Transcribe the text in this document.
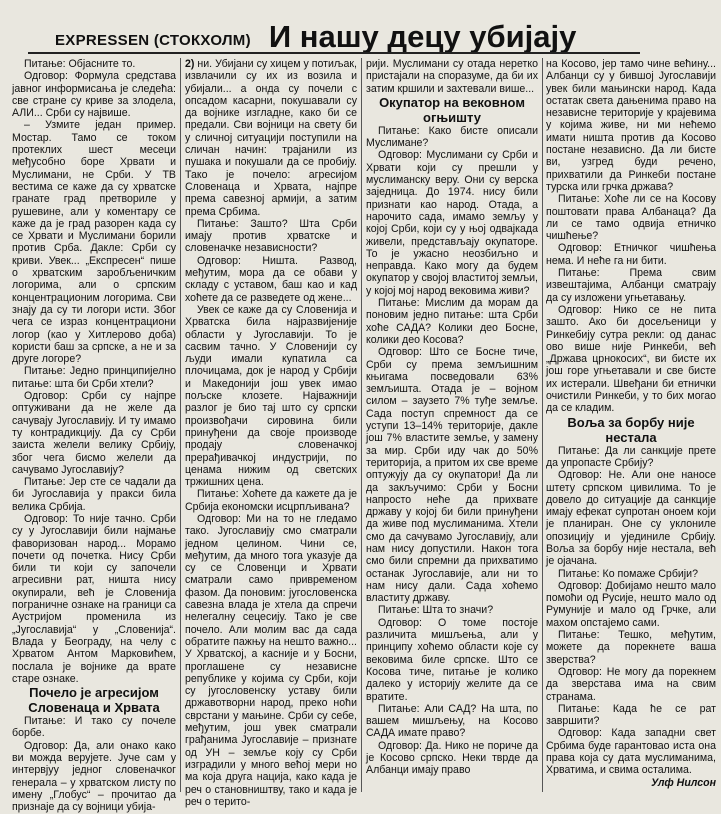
EXPRESSEN (СТОКХОЛМ) И нашу децу убијају

Питање: Објасните то.

Одговор: Формула средстава јавног информисања је следећа: све стране су криве за злодела, АЛИ... Срби су највише.

– Узмите један пример. Мостар. Тамо се током протеклих шест месеци међусобно боре Хрвати и Муслимани, не Срби. У ТВ вестима се каже да су хрватске гранате град претвориле у рушевине, али у коментару се каже да је град разорен када су се Хрвати и Муслимани борили против Срба. Дакле: Срби су криви. Увек... „Експресен“ пише о хрватским заробљеничким логорима, али о српским концентрационим логорима. Сви знају да су ти логори исти. Због чега се израз концентрациони логор (као у Хитлерово доба) користи баш за српске, а не и за друге логоре?

Питање: Једно принципијелно питање: шта би Срби хтели?

Одговор: Срби су најпре оптуживани да не желе да сачувају Југославију. И ту имамо ту контрадикцију. Да су Срби заиста желели велику Србију, због чега бисмо желели да сачувамо Југославију?

Питање: Јер сте се чадали да би Југославија у пракси била велика Србија.

Одговор: То није тачно. Срби су у Југославији били најмање фаворизован народ... Морамо почети од почетка. Нису Срби били ти који су започели агресивни рат, ништа нису окупирали, већ је Словенија пограничне ознаке на граници са Аустријом променила из „Југославија“ у „Словенија“. Влада у Београду, на челу с Хрватом Антом Марковићем, послала је војнике да врате старе ознаке.

Почело је агресијом Словенаца и Хрвата

Питање: И тако су почеле борбе.

Одговор: Да, али онако како ви можда верујете. Јуче сам у интервјуу једног словеначког генерала – у хрватском листу по имену „Глобус“ – прочитао да признаје да су војници убија-

2) ни. Убијани су хицем у потиљак, извлачили су их из возила и убијали... а онда су почели с опсадом касарни, покушавали су да војнике изгладне, како би се предали. Сви војници на свету би у сличној ситуацији поступили на сличан начин: трајанили из пушака и покушали да се пробију. Тако је почело: агресијом Словенаца и Хрвата, најпре према савезној армији, а затим према Србима.

Питање: Зашто? Шта Срби имају против хрватске и словеначке независности?

Одговор: Ништа. Развод, међутим, мора да се обави у складу с уставом, баш као и кад хоћете да се разведете од жене...

Увек се каже да су Словенија и Хрватска била најразвијеније области у Југославији. То је сасвим тачно. У Словенији су људи имали купатила са плочицама, док је народ у Србији и Македонији још увек имао пољске клозете. Најважнији разлог је био тај што су српски произвођачи сировина били принуђени да своје производе продају словеначкој прерађивачкој индустрији, по ценама нижим од светских тржишних цена.

Питање: Хоћете да кажете да је Србија економски исцрпљивана?

Одговор: Ми на то не гледамо тако. Југославију смо сматрали једном целином. Чини се, међутим, да много тога указује да су се Словенци и Хрвати сматрали само привременом фазом. Да поновим: југословенска савезна влада је хтела да спречи нелегалну сецесију. Тако је све почело. Али молим вас да сада обратите пажњу на нешто важно... У Хрватској, а касније и у Босни, проглашене су независне републике у којима су Срби, који су југословенску уставу били државотворни народ, преко ноћи сврстани у мањине. Срби су себе, међутим, још увек сматрали грађанима Југославије – признате од УН – земље коју су Срби изградили у много већој мери но ма која друга нација, како када је реч о становништву, тако и када је реч о терито-

рији. Муслимани су отада неретко пристајали на споразуме, да би их затим кршили и захтевали више...

Окупатор на вековном огњишту

Питање: Како бисте описали Муслимане?

Одговор: Муслимани су Срби и Хрвати који су прешли у муслиманску веру. Они су верска заједница. До 1974. нису били признати као народ. Отада, а нарочито сада, имамо земљу у којој Срби, који су у њој одвајкада живели, представљају окупаторе. То је ужасно неозбиљно и неправда. Како могу да будем окупатор у својој властитој земљи, у којој мој народ вековима живи?

Питање: Мислим да морам да поновим једно питање: шта Срби хоће САДА? Колики део Босне, колики део Косова?

Одговор: Што се Босне тиче, Срби су према земљишним књигама посведовали 63% земљишта. Отада је – војном силом – заузето 7% туђе земље. Сада поступ спремност да се уступи 13–14% територије, дакле још 7% властите земље, у замену за мир. Срби иду чак до 50% територија, а притом их све време оптужују да су окупатори! Да ли да закључимо: Срби у Босни напросто неће да прихвате државу у којој би били принуђени да живе под муслиманима. Хтели смо да сачувамо Југославију, али нам нису допустили. Након тога смо били спремни да прихватимо останак Југославије, али ни то нам нису дали. Сада хоћемо властиту државу.

Питање: Шта то значи?

Одговор: О томе постоје различита мишљења, али у принципу хоћемо области које су вековима биле српске. Што се Косова тиче, питање је колико далеко у историју желите да се вратите.

Питање: Али САД? На шта, по вашем мишљењу, на Косово САДА имате право?

Одговор: Да. Нико не пориче да је Косово српско. Неки тврде да Албанци имају право

на Косово, јер тамо чине већину... Албанци су у бившој Југославији увек били мањински народ. Када остатак света дањенима право на независне територије у крајевима у којима живе, ни ми нећемо имати ништа против да Косово постане независно. Да ли бисте ви, узгред буди речено, прихватили да Ринкеби постане турска или грчка држава?

Питање: Хоће ли се на Косову поштовати права Албанаца? Да ли се тамо одвија етничко чишћење?

Одговор: Етничког чишћења нема. И неће га ни бити.

Питање: Према свим извештајима, Албанци сматрају да су изложени угњетавању.

Одговор: Нико се не пита зашто. Ако би досељеници у Ринкебију сутра рекли: од данас ово више није Ринкеби, већ „Држава црнокосих“, ви бисте их још горе угњетавали и све бисте их истерали. Швеђани би етнички очистили Ринкеби, у то бих могао да се кладим.

Воља за борбу није нестала

Питање: Да ли санкције прете да упропасте Србију?

Одговор: Не. Али оне наносе штету српском цивилима. То је довело до ситуације да санкције имају ефекат супротан оноем који је планиран. Оне су уклониле опозицију и ујединиле Србију. Воља за борбу није нестала, већ је ојачана.

Питање: Ко помаже Србији?

Одговор: Добијамо нешто мало помоћи од Русије, нешто мало од Румуније и мало од Грчке, али махом опстајемо сами.

Питање: Тешко, међутим, можете да порекнете ваша зверства?

Одговор: Не могу да порекнем да зверстава има на свим странама.

Питање: Када ће се рат завршити?

Одговор: Када западни свет Србима буде гарантовао иста она права која су дата муслиманима, Хрватима, и свима осталима.

Улф Нилсон
